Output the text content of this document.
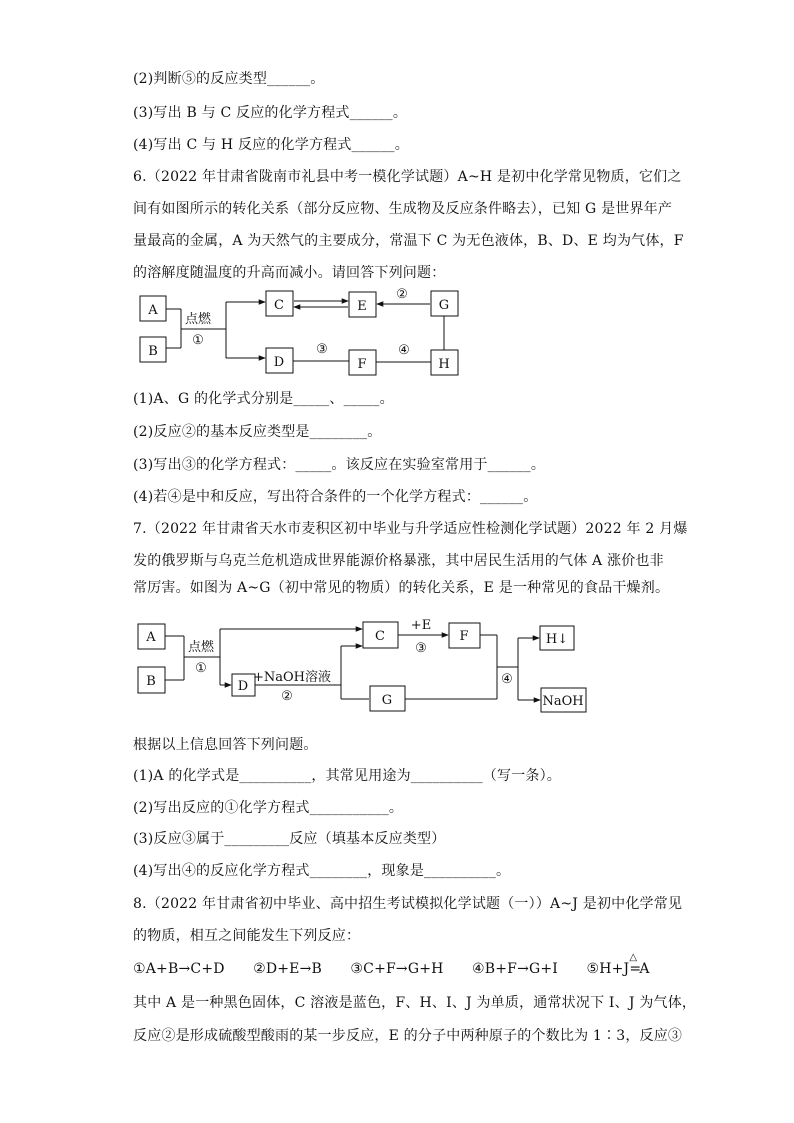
(2)判断⑤的反应类型______。
(3)写出 B 与 C 反应的化学方程式______。
(4)写出 C 与 H 反应的化学方程式______。
6.（2022 年甘肃省陇南市礼县中考一模化学试题）A~H 是初中化学常见物质，它们之
间有如图所示的转化关系（部分反应物、生成物及反应条件略去），已知 G 是世界年产
量最高的金属，A 为天然气的主要成分，常温下 C 为无色液体，B、D、E 均为气体，F
的溶解度随温度的升高而减小。请回答下列问题：
A
B
C	E	G
D	F	H
点燃
①
②
③	④
A
B
C	F	H↓
D
G	NaOH
点燃
①
+NaOH溶液
②
+E
③
④
(1)A、G 的化学式分别是_____、_____。
(2)反应②的基本反应类型是________。
(3)写出③的化学方程式：_____。该反应在实验室常用于______。
(4)若④是中和反应，写出符合条件的一个化学方程式：______。
7.（2022 年甘肃省天水市麦积区初中毕业与升学适应性检测化学试题）2022 年 2 月爆
发的俄罗斯与乌克兰危机造成世界能源价格暴涨，其中居民生活用的气体 A 涨价也非
常厉害。如图为 A~G（初中常见的物质）的转化关系，E 是一种常见的食品干燥剂。
根据以上信息回答下列问题。
(1)A 的化学式是__________，其常见用途为__________（写一条）。
(2)写出反应的①化学方程式___________。
(3)反应③属于_________反应（填基本反应类型）
(4)写出④的反应化学方程式________，现象是__________。
8.（2022 年甘肃省初中毕业、高中招生考试模拟化学试题（一））A~J 是初中化学常见
的物质，相互之间能发生下列反应：
①A+B→C+D　　②D+E→B　　③C+F→G+H　　④B+F→G+I　　⑤H+J
△
=A
其中 A 是一种黑色固体，C 溶液是蓝色，F、H、I、J 为单质，通常状况下 I、J 为气体，
反应②是形成硫酸型酸雨的某一步反应，E 的分子中两种原子的个数比为 1∶3，反应③
